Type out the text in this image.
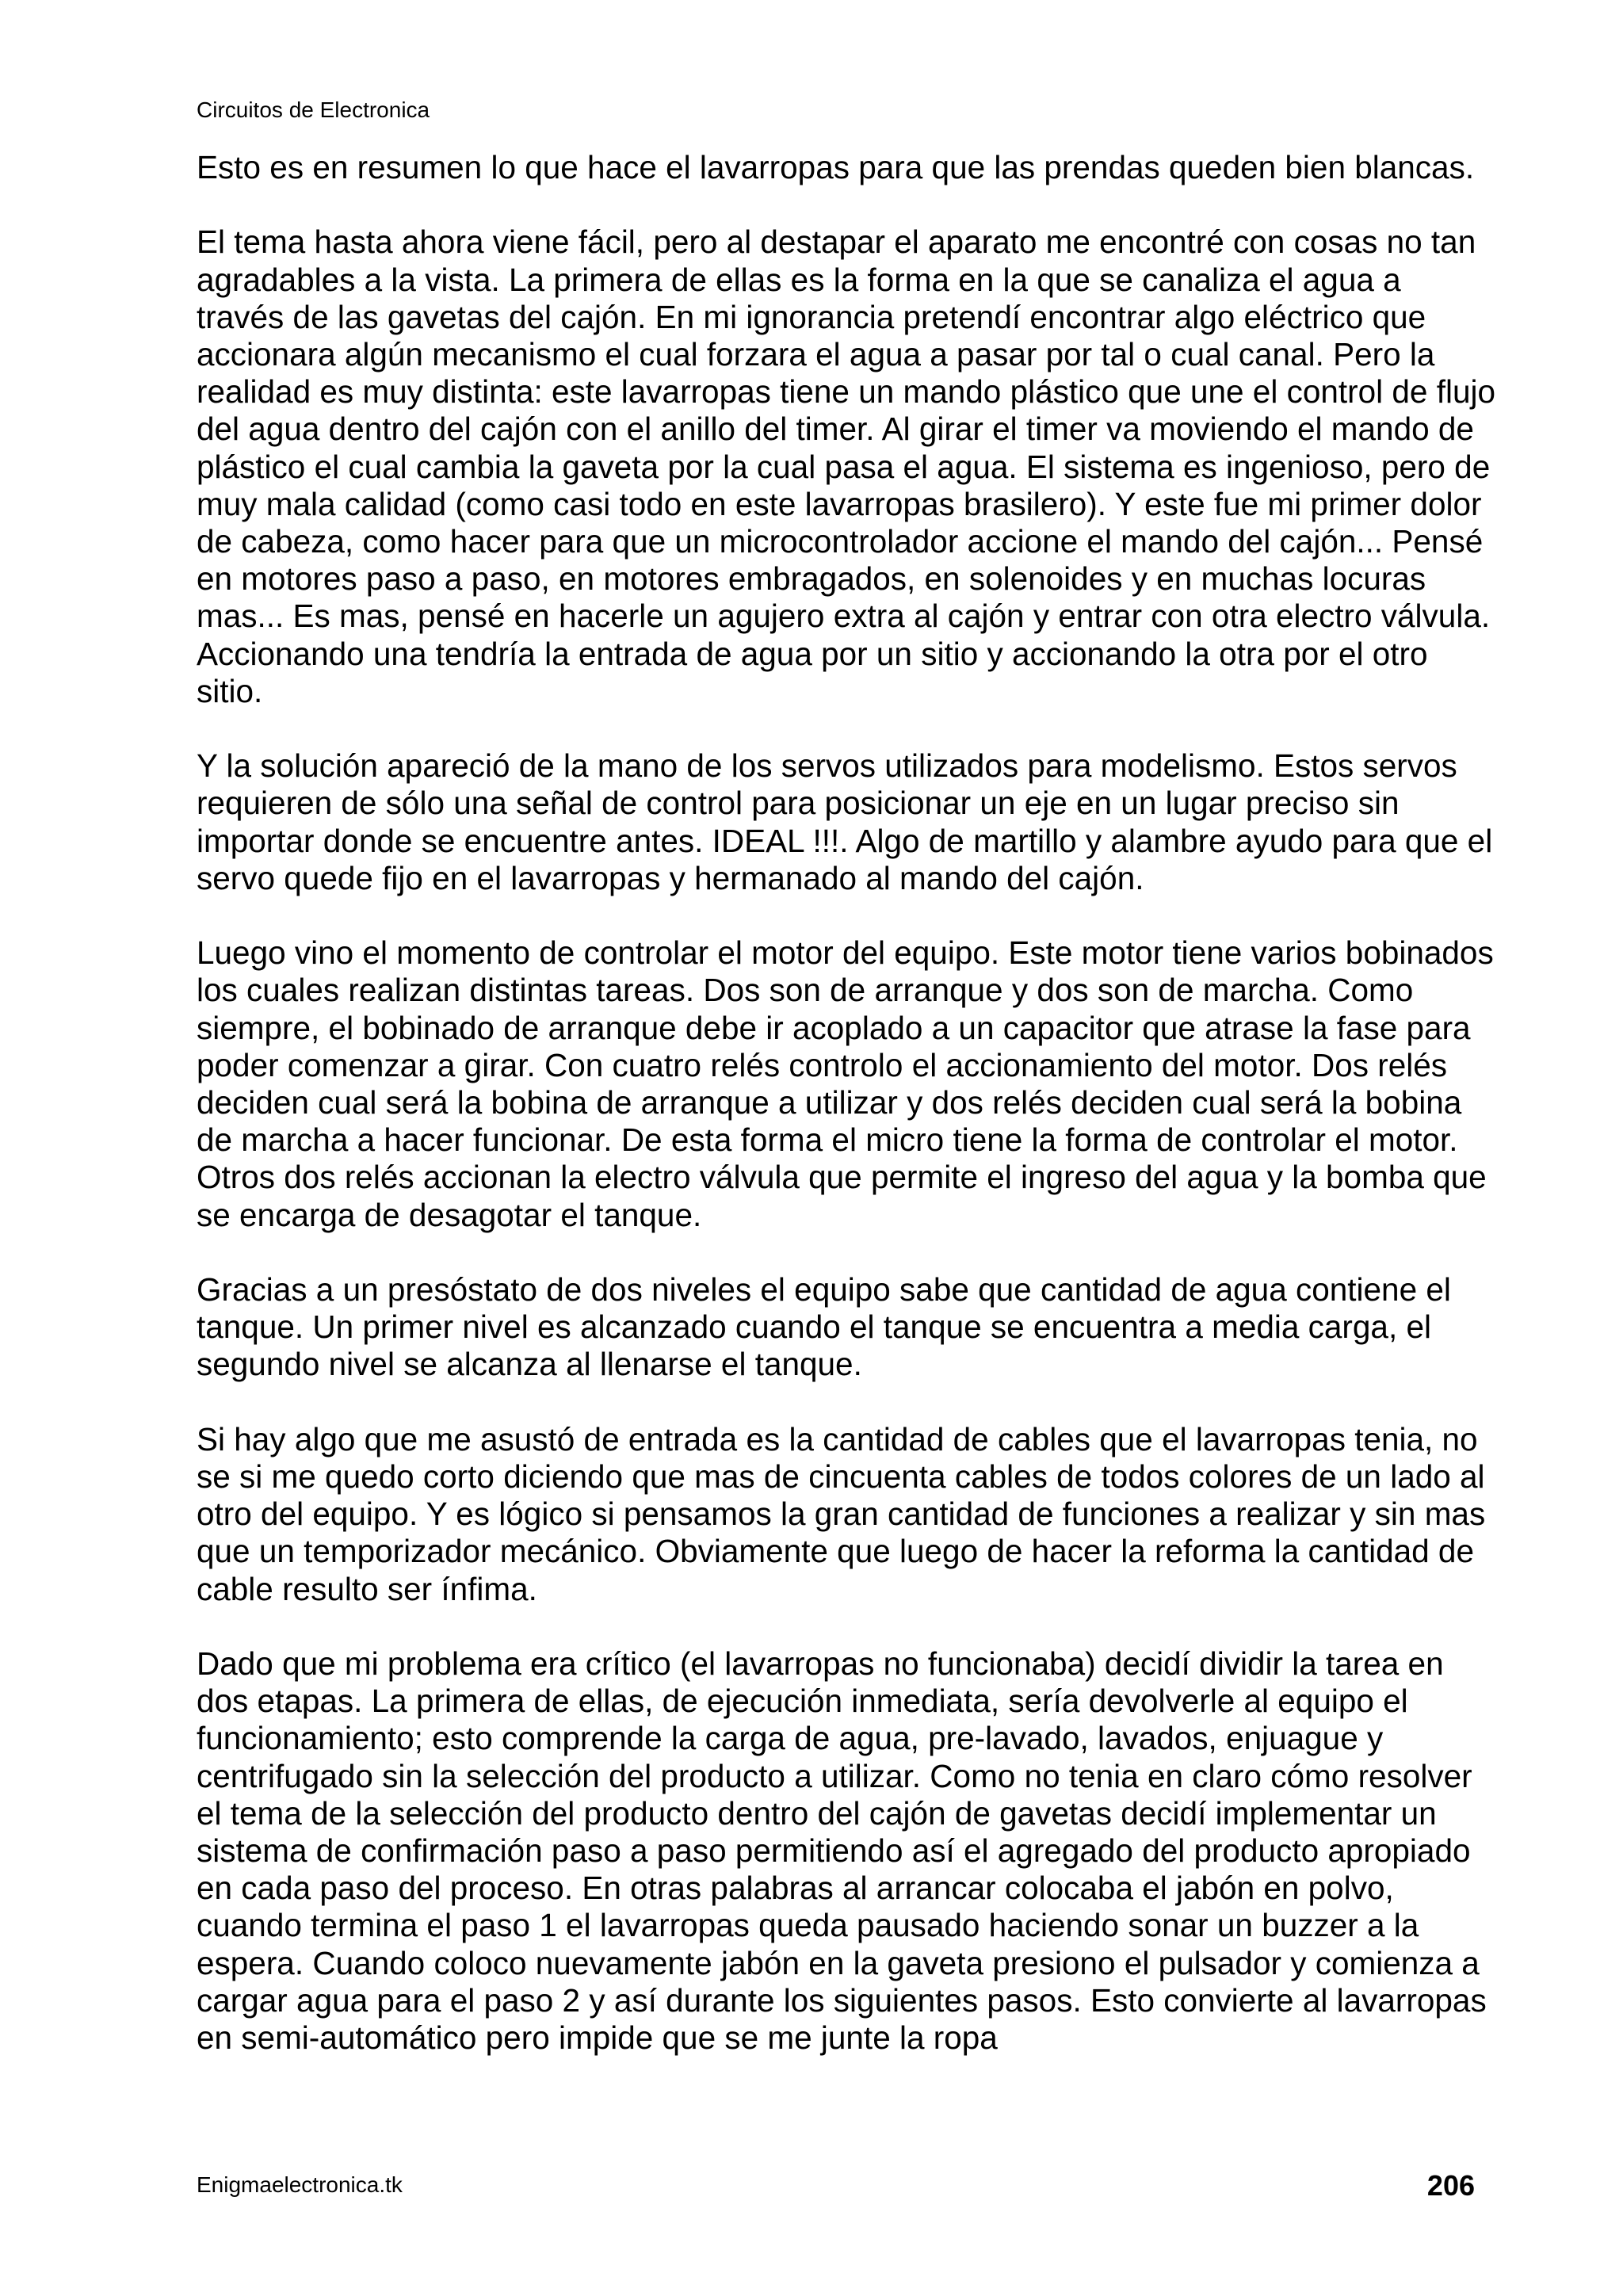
Circuitos de Electronica

Esto es en resumen lo que hace el lavarropas para que las prendas queden bien blancas.

El tema hasta ahora viene fácil, pero al destapar el aparato me encontré con cosas no tan agradables a la vista. La primera de ellas es la forma en la que se canaliza el agua a través de las gavetas del cajón. En mi ignorancia pretendí encontrar algo eléctrico que accionara algún mecanismo el cual forzara el agua a pasar por tal o cual canal. Pero la realidad es muy distinta: este lavarropas tiene un mando plástico que une el control de flujo del agua dentro del cajón con el anillo del timer. Al girar el timer va moviendo el mando de plástico el cual cambia la gaveta por la cual pasa el agua. El sistema es ingenioso, pero de muy mala calidad (como casi todo en este lavarropas brasilero). Y este fue mi primer dolor de cabeza, como hacer para que un microcontrolador accione el mando del cajón... Pensé en motores paso a paso, en motores embragados, en solenoides y en muchas locuras mas... Es mas, pensé en hacerle un agujero extra al cajón y entrar con otra electro válvula. Accionando una tendría la entrada de agua por un sitio y accionando la otra por el otro sitio.

Y la solución apareció de la mano de los servos utilizados para modelismo. Estos servos requieren de sólo una señal de control para posicionar un eje en un lugar preciso sin importar donde se encuentre antes. IDEAL !!!. Algo de martillo y alambre ayudo para que el servo quede fijo en el lavarropas y hermanado al mando del cajón.

Luego vino el momento de controlar el motor del equipo. Este motor tiene varios bobinados los cuales realizan distintas tareas. Dos son de arranque y dos son de marcha. Como siempre, el bobinado de arranque debe ir acoplado a un capacitor que atrase la fase para poder comenzar a girar. Con cuatro relés controlo el accionamiento del motor. Dos relés deciden cual será la bobina de arranque a utilizar y dos relés deciden cual será la bobina de marcha a hacer funcionar. De esta forma el micro tiene la forma de controlar el motor. Otros dos relés accionan la electro válvula que permite el ingreso del agua y la bomba que se encarga de desagotar el tanque.

Gracias a un presóstato de dos niveles el equipo sabe que cantidad de agua contiene el tanque. Un primer nivel es alcanzado cuando el tanque se encuentra a media carga, el segundo nivel se alcanza al llenarse el tanque.

Si hay algo que me asustó de entrada es la cantidad de cables que el lavarropas tenia, no se si me quedo corto diciendo que mas de cincuenta cables de todos colores de un lado al otro del equipo. Y es lógico si pensamos la gran cantidad de funciones a realizar y sin mas que un temporizador mecánico. Obviamente que luego de hacer la reforma la cantidad de cable resulto ser ínfima.

Dado que mi problema era crítico (el lavarropas no funcionaba) decidí dividir la tarea en dos etapas. La primera de ellas, de ejecución inmediata, sería devolverle al equipo el funcionamiento; esto comprende la carga de agua, pre-lavado, lavados, enjuague y centrifugado sin la selección del producto a utilizar. Como no tenia en claro cómo resolver el tema de la selección del producto dentro del cajón de gavetas decidí implementar un sistema de confirmación paso a paso permitiendo así el agregado del producto apropiado en cada paso del proceso. En otras palabras al arrancar colocaba el jabón en polvo, cuando termina el paso 1 el lavarropas queda pausado haciendo sonar un buzzer a la espera. Cuando coloco nuevamente jabón en la gaveta presiono el pulsador y comienza a cargar agua para el paso 2 y así durante los siguientes pasos. Esto convierte al lavarropas en semi-automático pero impide que se me junte la ropa

Enigmaelectronica.tk	206
